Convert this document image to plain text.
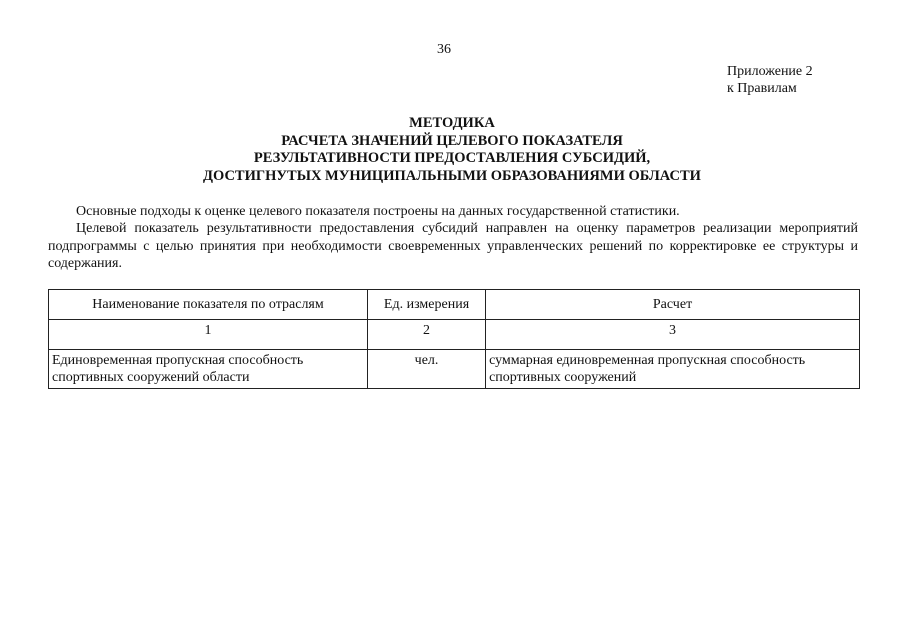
36
Приложение 2
к Правилам
МЕТОДИКА
РАСЧЕТА ЗНАЧЕНИЙ ЦЕЛЕВОГО ПОКАЗАТЕЛЯ
РЕЗУЛЬТАТИВНОСТИ ПРЕДОСТАВЛЕНИЯ СУБСИДИЙ,
ДОСТИГНУТЫХ МУНИЦИПАЛЬНЫМИ ОБРАЗОВАНИЯМИ ОБЛАСТИ

Основные подходы к оценке целевого показателя построены на данных государственной статистики.

Целевой показатель результативности предоставления субсидий направлен на оценку параметров реализации мероприятий подпрограммы с целью принятия при необходимости своевременных управленческих решений по корректировке ее структуры и содержания.

Наименование показателя по отраслям	Ед. измерения	Расчет
1	2	3
Единовременная пропускная способность спортивных сооружений области	чел.	суммарная единовременная пропускная способность спортивных сооружений
